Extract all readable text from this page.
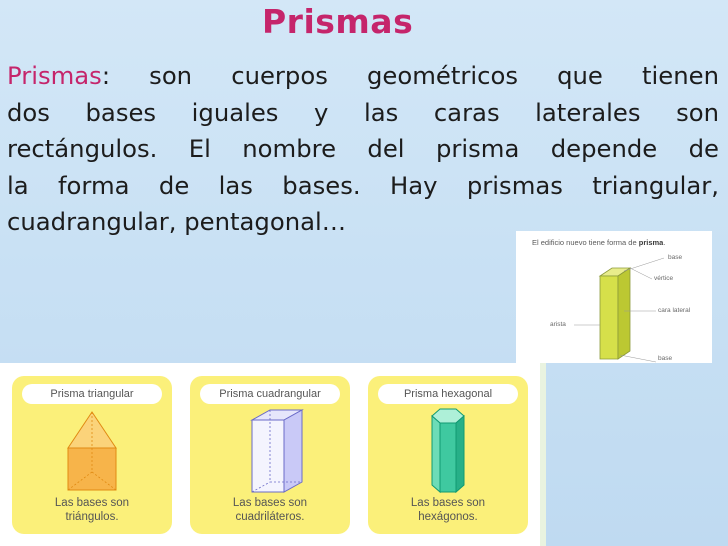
Prismas
Prismas: son cuerpos geométricos que tienen
dos bases iguales y las caras laterales son
rectángulos. El nombre del prisma depende de
la forma de las bases. Hay prismas triangular,
cuadrangular, pentagonal…
El edificio nuevo tiene forma de prisma.
base
vértice
cara lateral
arista
base
Prisma triangular
Las bases son
triángulos.
Prisma cuadrangular
Las bases son
cuadriláteros.
Prisma hexagonal
Las bases son
hexágonos.
